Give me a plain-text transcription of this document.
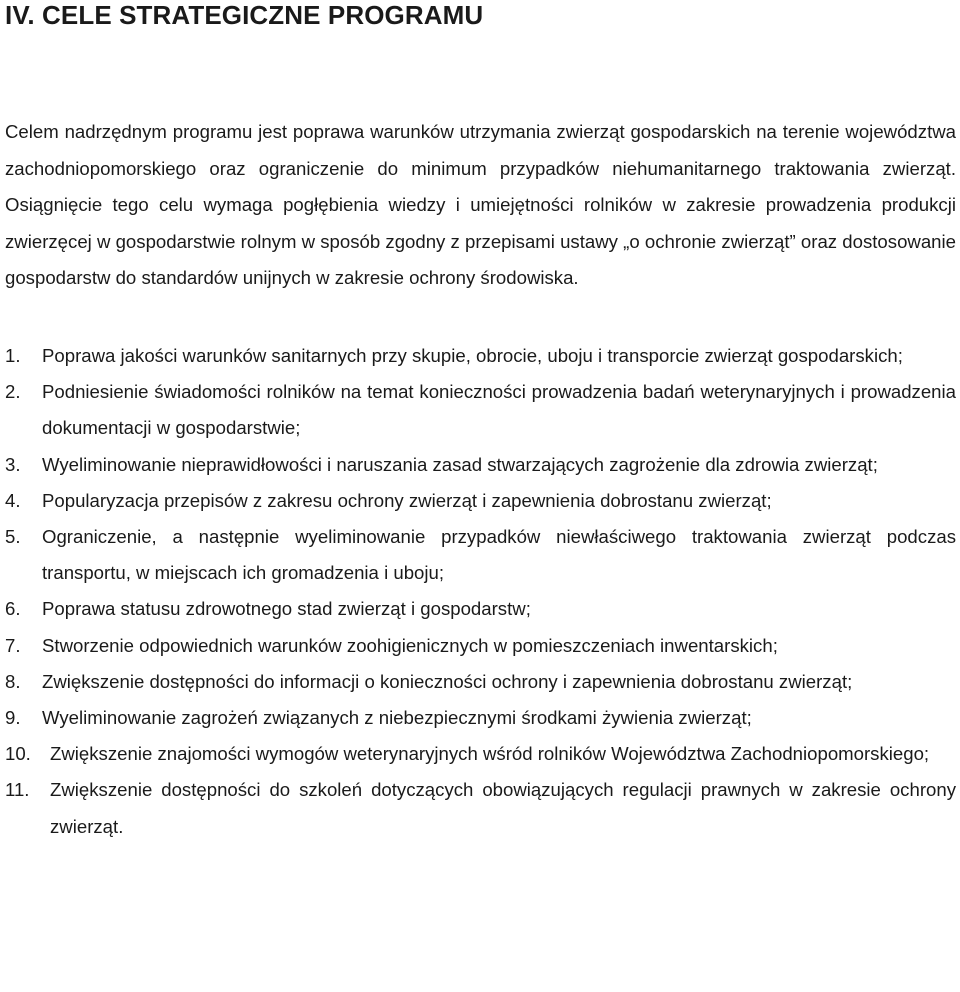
IV. CELE STRATEGICZNE PROGRAMU

Celem nadrzędnym programu jest poprawa warunków utrzymania zwierząt gospodarskich na terenie województwa zachodniopomorskiego oraz ograniczenie do minimum przypadków niehumanitarnego traktowania zwierząt. Osiągnięcie tego celu wymaga pogłębienia wiedzy i umiejętności rolników w zakresie prowadzenia produkcji zwierzęcej w gospodarstwie rolnym w sposób zgodny z przepisami ustawy „o ochronie zwierząt” oraz dostosowanie gospodarstw do standardów unijnych w zakresie ochrony środowiska.

1.	Poprawa jakości warunków sanitarnych przy skupie, obrocie, uboju i transporcie zwierząt gospodarskich;
2.	Podniesienie świadomości rolników na temat konieczności prowadzenia badań weterynaryjnych i prowadzenia dokumentacji w gospodarstwie;
3.	Wyeliminowanie nieprawidłowości i naruszania zasad stwarzających zagrożenie dla zdrowia zwierząt;
4.	Popularyzacja przepisów z zakresu ochrony zwierząt i zapewnienia dobrostanu zwierząt;
5.	Ograniczenie, a następnie wyeliminowanie przypadków niewłaściwego traktowania zwierząt podczas transportu, w miejscach ich gromadzenia i uboju;
6.	Poprawa statusu zdrowotnego stad zwierząt i gospodarstw;
7.	Stworzenie odpowiednich warunków zoohigienicznych w pomieszczeniach inwentarskich;
8.	Zwiększenie dostępności do informacji o konieczności ochrony i zapewnienia dobrostanu zwierząt;
9.	Wyeliminowanie zagrożeń związanych z niebezpiecznymi środkami żywienia zwierząt;
10.	Zwiększenie znajomości wymogów weterynaryjnych wśród rolników Województwa Zachodniopomorskiego;
11.	Zwiększenie dostępności do szkoleń dotyczących obowiązujących regulacji prawnych w zakresie ochrony zwierząt.
